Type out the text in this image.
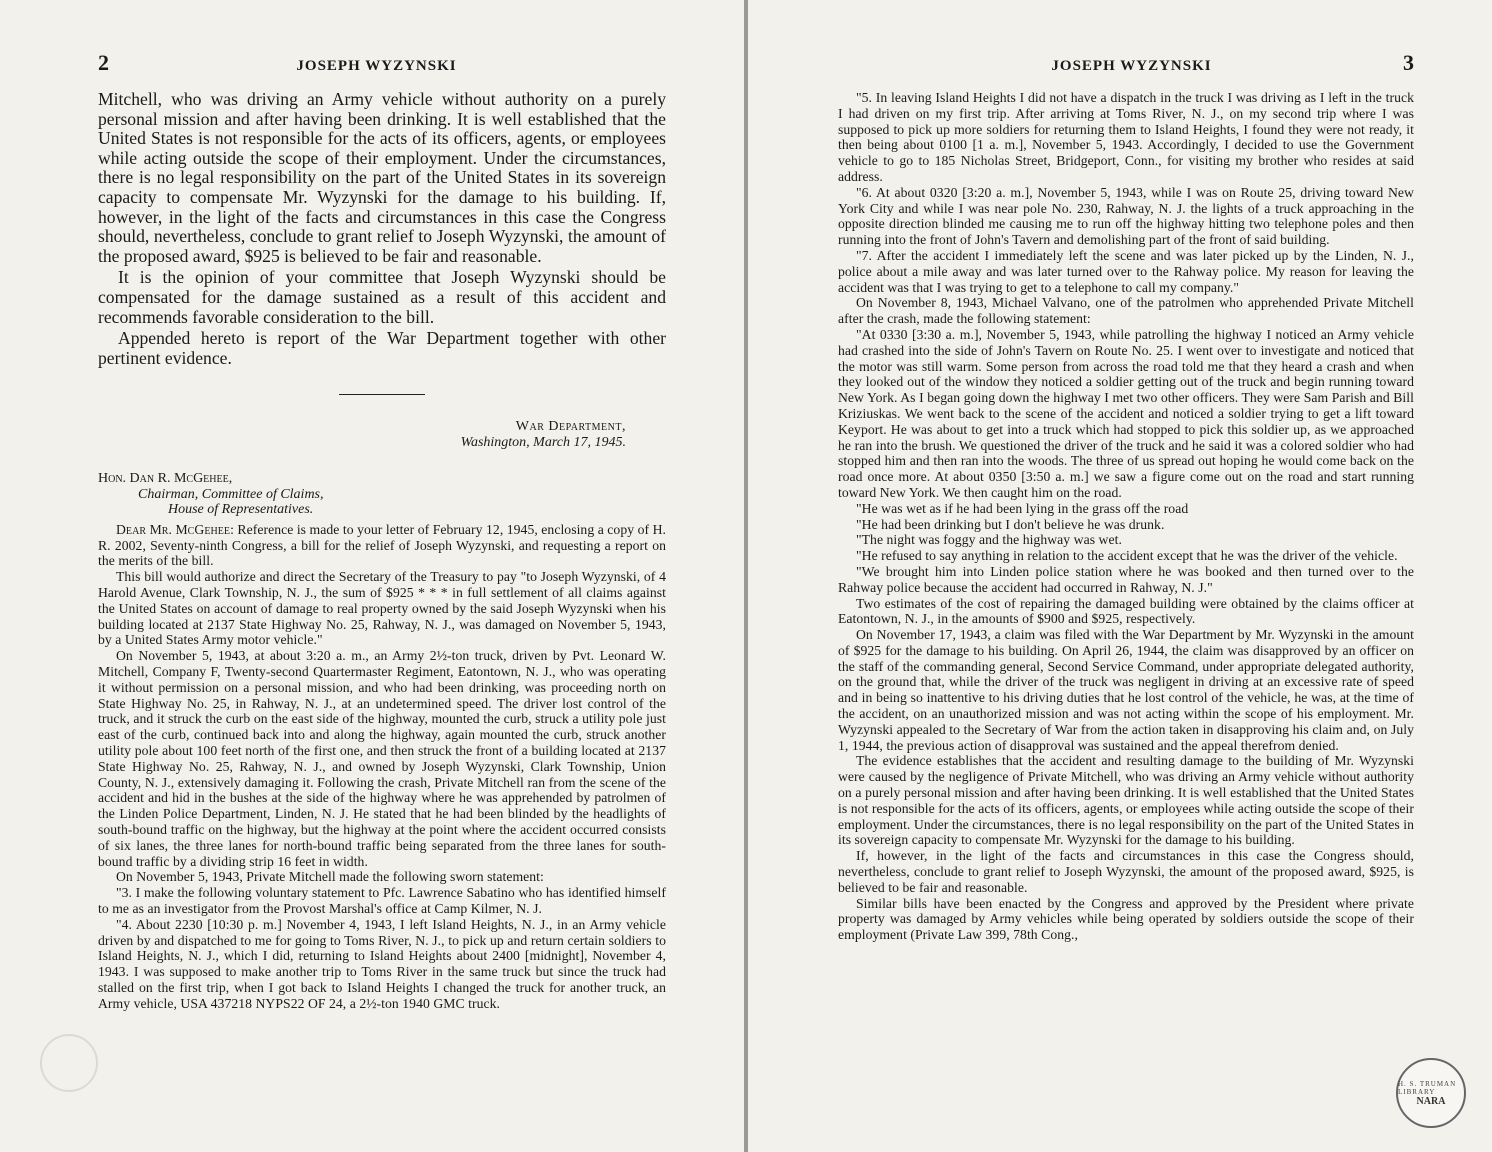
2	JOSEPH WYZYNSKI

Mitchell, who was driving an Army vehicle without authority on a purely personal mission and after having been drinking. It is well established that the United States is not responsible for the acts of its officers, agents, or employees while acting outside the scope of their employment. Under the circumstances, there is no legal responsibility on the part of the United States in its sovereign capacity to compensate Mr. Wyzynski for the damage to his building. If, however, in the light of the facts and circumstances in this case the Congress should, nevertheless, conclude to grant relief to Joseph Wyzynski, the amount of the proposed award, $925 is believed to be fair and reasonable.

It is the opinion of your committee that Joseph Wyzynski should be compensated for the damage sustained as a result of this accident and recommends favorable consideration to the bill.

Appended hereto is report of the War Department together with other pertinent evidence.

War Department,
Washington, March 17, 1945.
Hon. Dan R. McGehee,
Chairman, Committee of Claims,
House of Representatives.

Dear Mr. McGehee: Reference is made to your letter of February 12, 1945, enclosing a copy of H. R. 2002, Seventy-ninth Congress, a bill for the relief of Joseph Wyzynski, and requesting a report on the merits of the bill.

This bill would authorize and direct the Secretary of the Treasury to pay "to Joseph Wyzynski, of 4 Harold Avenue, Clark Township, N. J., the sum of $925 * * * in full settlement of all claims against the United States on account of damage to real property owned by the said Joseph Wyzynski when his building located at 2137 State Highway No. 25, Rahway, N. J., was damaged on November 5, 1943, by a United States Army motor vehicle."

On November 5, 1943, at about 3:20 a. m., an Army 2½-ton truck, driven by Pvt. Leonard W. Mitchell, Company F, Twenty-second Quartermaster Regiment, Eatontown, N. J., who was operating it without permission on a personal mission, and who had been drinking, was proceeding north on State Highway No. 25, in Rahway, N. J., at an undetermined speed. The driver lost control of the truck, and it struck the curb on the east side of the highway, mounted the curb, struck a utility pole just east of the curb, continued back into and along the highway, again mounted the curb, struck another utility pole about 100 feet north of the first one, and then struck the front of a building located at 2137 State Highway No. 25, Rahway, N. J., and owned by Joseph Wyzynski, Clark Township, Union County, N. J., extensively damaging it. Following the crash, Private Mitchell ran from the scene of the accident and hid in the bushes at the side of the highway where he was apprehended by patrolmen of the Linden Police Department, Linden, N. J. He stated that he had been blinded by the headlights of south-bound traffic on the highway, but the highway at the point where the accident occurred consists of six lanes, the three lanes for north-bound traffic being separated from the three lanes for south-bound traffic by a dividing strip 16 feet in width.

On November 5, 1943, Private Mitchell made the following sworn statement:

"3. I make the following voluntary statement to Pfc. Lawrence Sabatino who has identified himself to me as an investigator from the Provost Marshal's office at Camp Kilmer, N. J.

"4. About 2230 [10:30 p. m.] November 4, 1943, I left Island Heights, N. J., in an Army vehicle driven by and dispatched to me for going to Toms River, N. J., to pick up and return certain soldiers to Island Heights, N. J., which I did, returning to Island Heights about 2400 [midnight], November 4, 1943. I was supposed to make another trip to Toms River in the same truck but since the truck had stalled on the first trip, when I got back to Island Heights I changed the truck for another truck, an Army vehicle, USA 437218 NYPS22 OF 24, a 2½-ton 1940 GMC truck.

JOSEPH WYZYNSKI	3

"5. In leaving Island Heights I did not have a dispatch in the truck I was driving as I left in the truck I had driven on my first trip. After arriving at Toms River, N. J., on my second trip where I was supposed to pick up more soldiers for returning them to Island Heights, I found they were not ready, it then being about 0100 [1 a. m.], November 5, 1943. Accordingly, I decided to use the Government vehicle to go to 185 Nicholas Street, Bridgeport, Conn., for visiting my brother who resides at said address.

"6. At about 0320 [3:20 a. m.], November 5, 1943, while I was on Route 25, driving toward New York City and while I was near pole No. 230, Rahway, N. J. the lights of a truck approaching in the opposite direction blinded me causing me to run off the highway hitting two telephone poles and then running into the front of John's Tavern and demolishing part of the front of said building.

"7. After the accident I immediately left the scene and was later picked up by the Linden, N. J., police about a mile away and was later turned over to the Rahway police. My reason for leaving the accident was that I was trying to get to a telephone to call my company."

On November 8, 1943, Michael Valvano, one of the patrolmen who apprehended Private Mitchell after the crash, made the following statement:

"At 0330 [3:30 a. m.], November 5, 1943, while patrolling the highway I noticed an Army vehicle had crashed into the side of John's Tavern on Route No. 25. I went over to investigate and noticed that the motor was still warm. Some person from across the road told me that they heard a crash and when they looked out of the window they noticed a soldier getting out of the truck and begin running toward New York. As I began going down the highway I met two other officers. They were Sam Parish and Bill Kriziuskas. We went back to the scene of the accident and noticed a soldier trying to get a lift toward Keyport. He was about to get into a truck which had stopped to pick this soldier up, as we approached he ran into the brush. We questioned the driver of the truck and he said it was a colored soldier who had stopped him and then ran into the woods. The three of us spread out hoping he would come back on the road once more. At about 0350 [3:50 a. m.] we saw a figure come out on the road and start running toward New York. We then caught him on the road.

"He was wet as if he had been lying in the grass off the road

"He had been drinking but I don't believe he was drunk.

"The night was foggy and the highway was wet.

"He refused to say anything in relation to the accident except that he was the driver of the vehicle.

"We brought him into Linden police station where he was booked and then turned over to the Rahway police because the accident had occurred in Rahway, N. J."

Two estimates of the cost of repairing the damaged building were obtained by the claims officer at Eatontown, N. J., in the amounts of $900 and $925, respectively.

On November 17, 1943, a claim was filed with the War Department by Mr. Wyzynski in the amount of $925 for the damage to his building. On April 26, 1944, the claim was disapproved by an officer on the staff of the commanding general, Second Service Command, under appropriate delegated authority, on the ground that, while the driver of the truck was negligent in driving at an excessive rate of speed and in being so inattentive to his driving duties that he lost control of the vehicle, he was, at the time of the accident, on an unauthorized mission and was not acting within the scope of his employment. Mr. Wyzynski appealed to the Secretary of War from the action taken in disapproving his claim and, on July 1, 1944, the previous action of disapproval was sustained and the appeal therefrom denied.

The evidence establishes that the accident and resulting damage to the building of Mr. Wyzynski were caused by the negligence of Private Mitchell, who was driving an Army vehicle without authority on a purely personal mission and after having been drinking. It is well established that the United States is not responsible for the acts of its officers, agents, or employees while acting outside the scope of their employment. Under the circumstances, there is no legal responsibility on the part of the United States in its sovereign capacity to compensate Mr. Wyzynski for the damage to his building.

If, however, in the light of the facts and circumstances in this case the Congress should, nevertheless, conclude to grant relief to Joseph Wyzynski, the amount of the proposed award, $925, is believed to be fair and reasonable.

Similar bills have been enacted by the Congress and approved by the President where private property was damaged by Army vehicles while being operated by soldiers outside the scope of their employment (Private Law 399, 78th Cong.,

H. S. TRUMAN LIBRARY
NARA
